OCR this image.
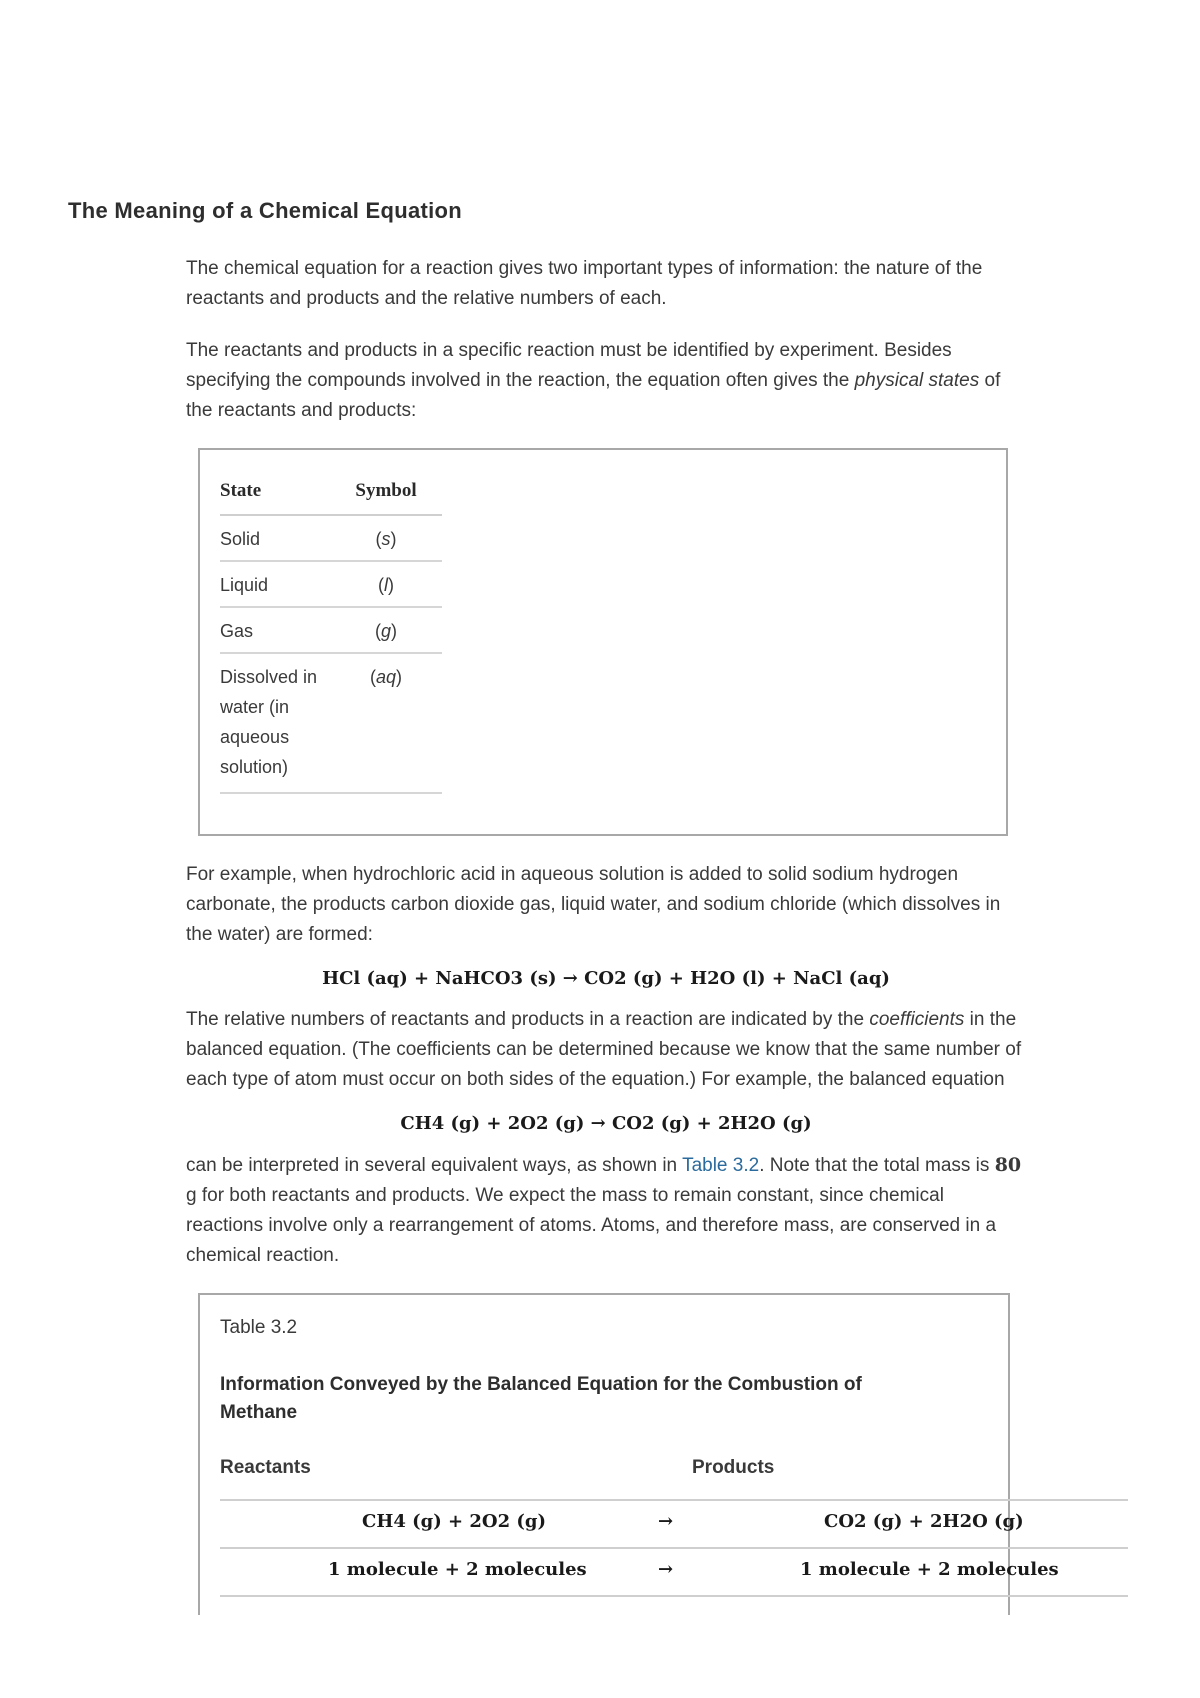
The Meaning of a Chemical Equation

The chemical equation for a reaction gives two important types of information: the nature of the reactants and products and the relative numbers of each.

The reactants and products in a specific reaction must be identified by experiment. Besides specifying the compounds involved in the reaction, the equation often gives the physical states of the reactants and products:

State	Symbol
Solid	(s)
Liquid	(l)
Gas	(g)
Dissolved in water (in aqueous solution)	(aq)

For example, when hydrochloric acid in aqueous solution is added to solid sodium hydrogen carbonate, the products carbon dioxide gas, liquid water, and sodium chloride (which dissolves in the water) are formed:

HCl (aq) + NaHCO3 (s) → CO2 (g) + H2O (l) + NaCl (aq)

The relative numbers of reactants and products in a reaction are indicated by the coefficients in the balanced equation. (The coefficients can be determined because we know that the same number of each type of atom must occur on both sides of the equation.) For example, the balanced equation

CH4 (g) + 2O2 (g) → CO2 (g) + 2H2O (g)

can be interpreted in several equivalent ways, as shown in Table 3.2. Note that the total mass is 80 g for both reactants and products. We expect the mass to remain constant, since chemical reactions involve only a rearrangement of atoms. Atoms, and therefore mass, are conserved in a chemical reaction.

Table 3.2
Information Conveyed by the Balanced Equation for the Combustion of Methane
Reactants	Products
CH4 (g) + 2O2 (g)	→	CO2 (g) + 2H2O (g)
1 molecule + 2 molecules	→	1 molecule + 2 molecules
